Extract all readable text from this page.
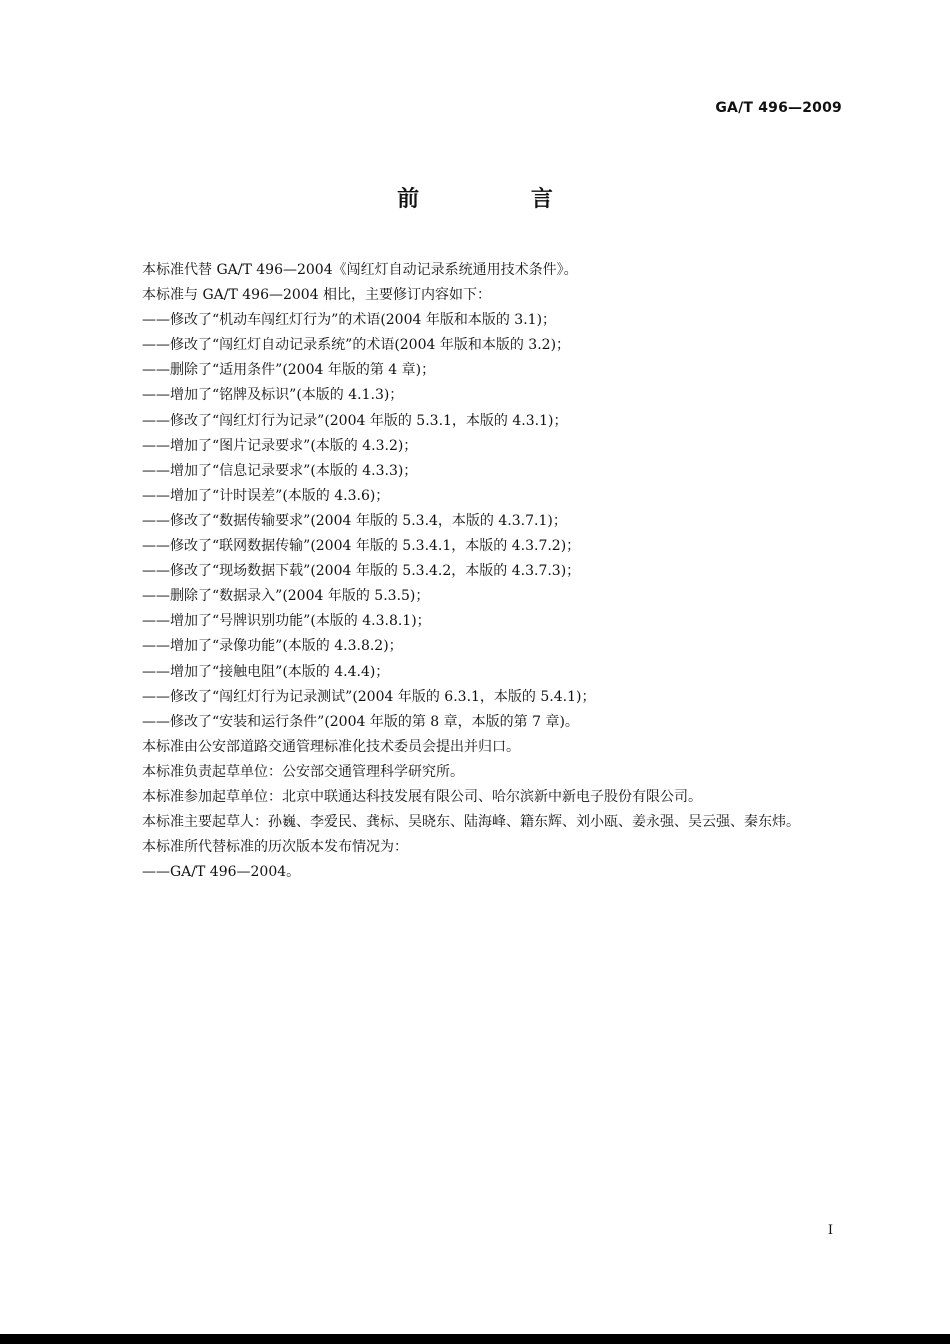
GA/T 496—2009
前 言
本标准代替 GA/T 496—2004《闯红灯自动记录系统通用技术条件》。
本标准与 GA/T 496—2004 相比，主要修订内容如下：
——修改了“机动车闯红灯行为”的术语(2004 年版和本版的 3.1)；
——修改了“闯红灯自动记录系统”的术语(2004 年版和本版的 3.2)；
——删除了“适用条件”(2004 年版的第 4 章)；
——增加了“铭牌及标识”(本版的 4.1.3)；
——修改了“闯红灯行为记录”(2004 年版的 5.3.1，本版的 4.3.1)；
——增加了“图片记录要求”(本版的 4.3.2)；
——增加了“信息记录要求”(本版的 4.3.3)；
——增加了“计时误差”(本版的 4.3.6)；
——修改了“数据传输要求”(2004 年版的 5.3.4，本版的 4.3.7.1)；
——修改了“联网数据传输”(2004 年版的 5.3.4.1，本版的 4.3.7.2)；
——修改了“现场数据下载”(2004 年版的 5.3.4.2，本版的 4.3.7.3)；
——删除了“数据录入”(2004 年版的 5.3.5)；
——增加了“号牌识别功能”(本版的 4.3.8.1)；
——增加了“录像功能”(本版的 4.3.8.2)；
——增加了“接触电阻”(本版的 4.4.4)；
——修改了“闯红灯行为记录测试”(2004 年版的 6.3.1，本版的 5.4.1)；
——修改了“安装和运行条件”(2004 年版的第 8 章，本版的第 7 章)。
本标准由公安部道路交通管理标准化技术委员会提出并归口。
本标准负责起草单位：公安部交通管理科学研究所。
本标准参加起草单位：北京中联通达科技发展有限公司、哈尔滨新中新电子股份有限公司。
本标准主要起草人：孙巍、李爱民、龚标、吴晓东、陆海峰、籍东辉、刘小瓯、姜永强、吴云强、秦东炜。
本标准所代替标准的历次版本发布情况为：
——GA/T 496—2004。
I
